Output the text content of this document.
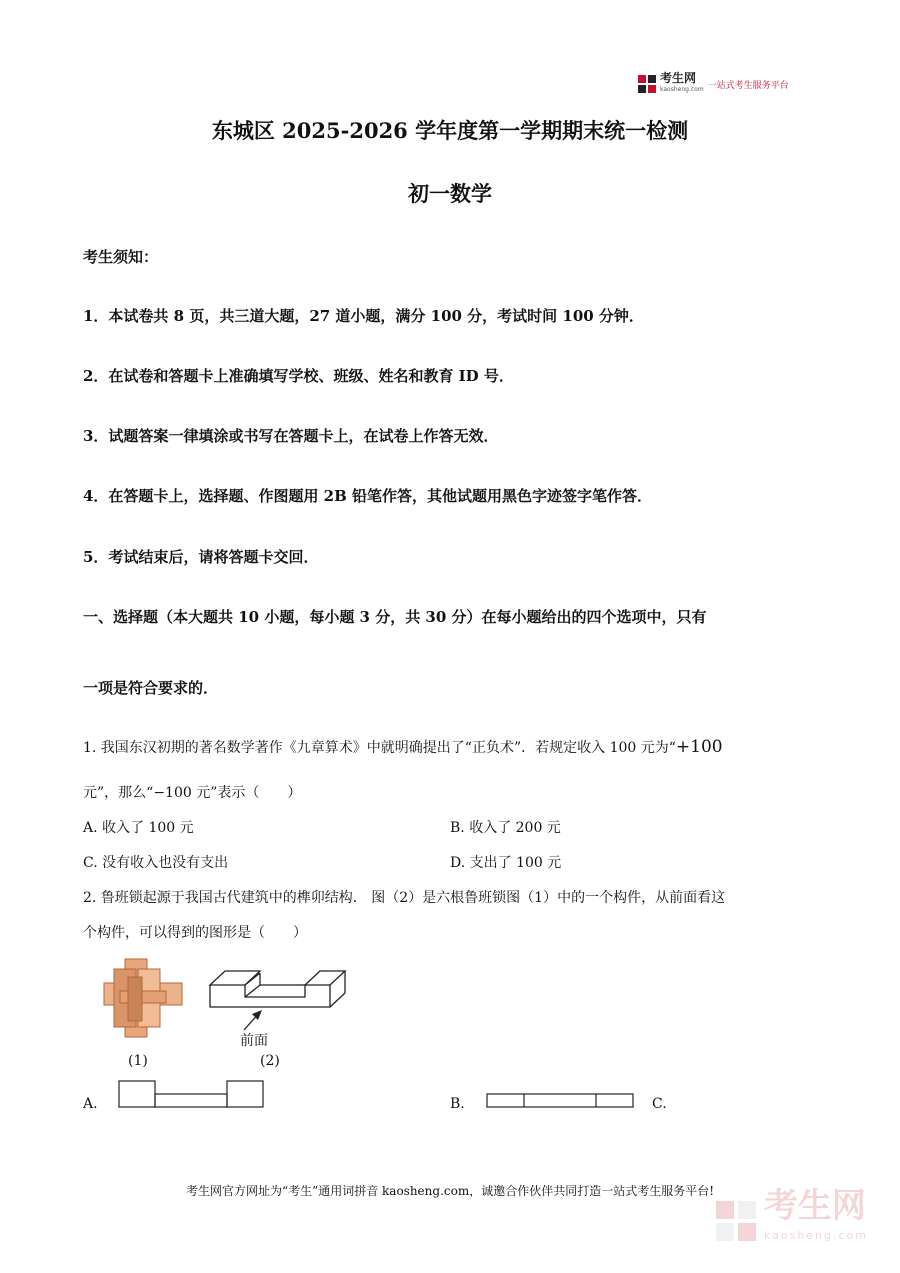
考生网
kaosheng.com 一站式考生服务平台
东城区 2025-2026 学年度第一学期期末统一检测
初一数学
考生须知：
1．本试卷共 8 页，共三道大题，27 道小题，满分 100 分，考试时间 100 分钟．
2．在试卷和答题卡上准确填写学校、班级、姓名和教育 ID 号．
3．试题答案一律填涂或书写在答题卡上，在试卷上作答无效．
4．在答题卡上，选择题、作图题用 2B 铅笔作答，其他试题用黑色字迹签字笔作答．
5．考试结束后，请将答题卡交回．
一、选择题（本大题共 10 小题，每小题 3 分，共 30 分）在每小题给出的四个选项中，只有
一项是符合要求的．
1. 我国东汉初期的著名数学著作《九章算术》中就明确提出了“正负术”．若规定收入 100 元为“+100
元”，那么“−100 元”表示（　　）
A. 收入了 100 元	B. 收入了 200 元
C. 没有收入也没有支出	D. 支出了 100 元
2. 鲁班锁起源于我国古代建筑中的榫卯结构． 图（2）是六根鲁班锁图（1）中的一个构件，从前面看这
个构件，可以得到的图形是（　　）
(1)
前面
(2)
A.	B.	C.
考生网官方网址为“考生”通用词拼音 kaosheng.com，诚邀合作伙伴共同打造一站式考生服务平台!	考生网
kaosheng.com
